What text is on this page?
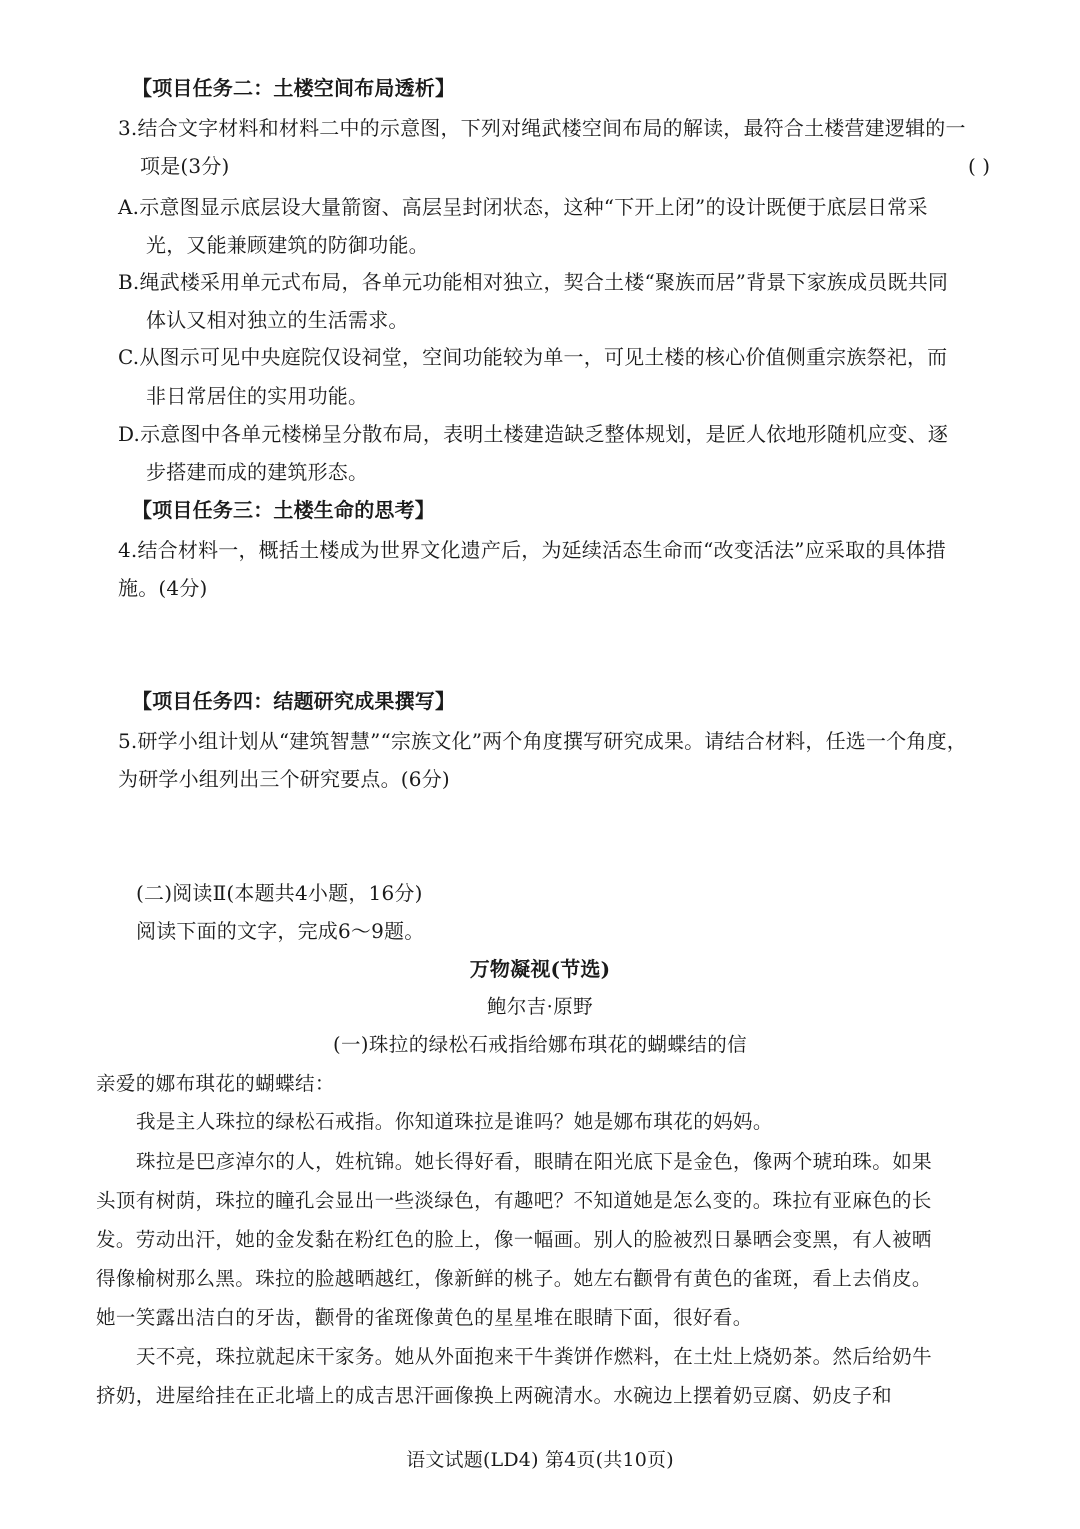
【项目任务二：土楼空间布局透析】
3.结合文字材料和材料二中的示意图，下列对绳武楼空间布局的解读，最符合土楼营建逻辑的一
项是(3分)	( )
A.示意图显示底层设大量箭窗、高层呈封闭状态，这种“下开上闭”的设计既便于底层日常采
光，又能兼顾建筑的防御功能。
B.绳武楼采用单元式布局，各单元功能相对独立，契合土楼“聚族而居”背景下家族成员既共同
体认又相对独立的生活需求。
C.从图示可见中央庭院仅设祠堂，空间功能较为单一，可见土楼的核心价值侧重宗族祭祀，而
非日常居住的实用功能。
D.示意图中各单元楼梯呈分散布局，表明土楼建造缺乏整体规划，是匠人依地形随机应变、逐
步搭建而成的建筑形态。
【项目任务三：土楼生命的思考】
4.结合材料一，概括土楼成为世界文化遗产后，为延续活态生命而“改变活法”应采取的具体措
施。(4分)
【项目任务四：结题研究成果撰写】
5.研学小组计划从“建筑智慧”“宗族文化”两个角度撰写研究成果。请结合材料，任选一个角度，
为研学小组列出三个研究要点。(6分)
(二)阅读Ⅱ(本题共4小题，16分)
阅读下面的文字，完成6～9题。
万物凝视(节选)
鲍尔吉·原野
(一)珠拉的绿松石戒指给娜布琪花的蝴蝶结的信
亲爱的娜布琪花的蝴蝶结：
我是主人珠拉的绿松石戒指。你知道珠拉是谁吗？她是娜布琪花的妈妈。
珠拉是巴彦淖尔的人，姓杭锦。她长得好看，眼睛在阳光底下是金色，像两个琥珀珠。如果
头顶有树荫，珠拉的瞳孔会显出一些淡绿色，有趣吧？不知道她是怎么变的。珠拉有亚麻色的长
发。劳动出汗，她的金发黏在粉红色的脸上，像一幅画。别人的脸被烈日暴晒会变黑，有人被晒
得像榆树那么黑。珠拉的脸越晒越红，像新鲜的桃子。她左右颧骨有黄色的雀斑，看上去俏皮。
她一笑露出洁白的牙齿，颧骨的雀斑像黄色的星星堆在眼睛下面，很好看。
天不亮，珠拉就起床干家务。她从外面抱来干牛粪饼作燃料，在土灶上烧奶茶。然后给奶牛
挤奶，进屋给挂在正北墙上的成吉思汗画像换上两碗清水。水碗边上摆着奶豆腐、奶皮子和
语文试题(LD4) 第4页(共10页)
